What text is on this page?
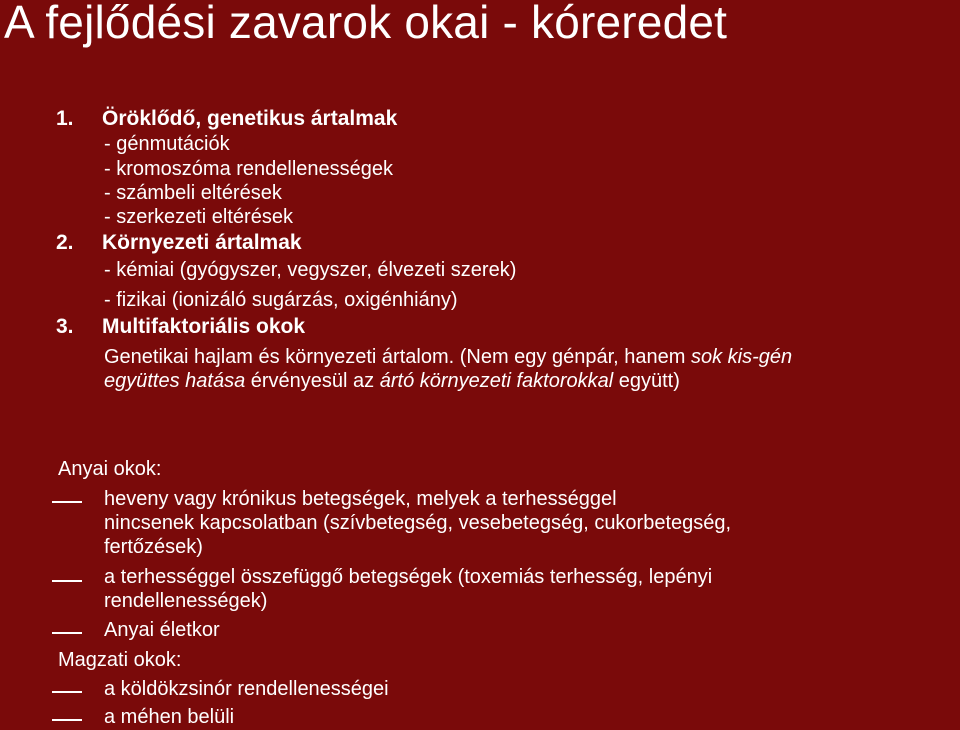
A fejlődési zavarok okai - kóreredet
1. Öröklődő, genetikus ártalmak
- génmutációk
- kromoszóma rendellenességek
- számbeli eltérések
- szerkezeti eltérések
2. Környezeti ártalmak
- kémiai (gyógyszer, vegyszer, élvezeti szerek)
- fizikai (ionizáló sugárzás, oxigénhiány)
3. Multifaktoriális okok
Genetikai hajlam és környezeti ártalom. (Nem egy génpár, hanem sok kis-gén
együttes hatása érvényesül az ártó környezeti faktorokkal együtt)
Anyai okok:
heveny vagy krónikus betegségek, melyek a terhességgel
nincsenek kapcsolatban (szívbetegség, vesebetegség, cukorbetegség,
fertőzések)
a terhességgel összefüggő betegségek (toxemiás terhesség, lepényi
rendellenességek)
Anyai életkor
Magzati okok:
a köldökzsinór rendellenességei
a méhen belüli
